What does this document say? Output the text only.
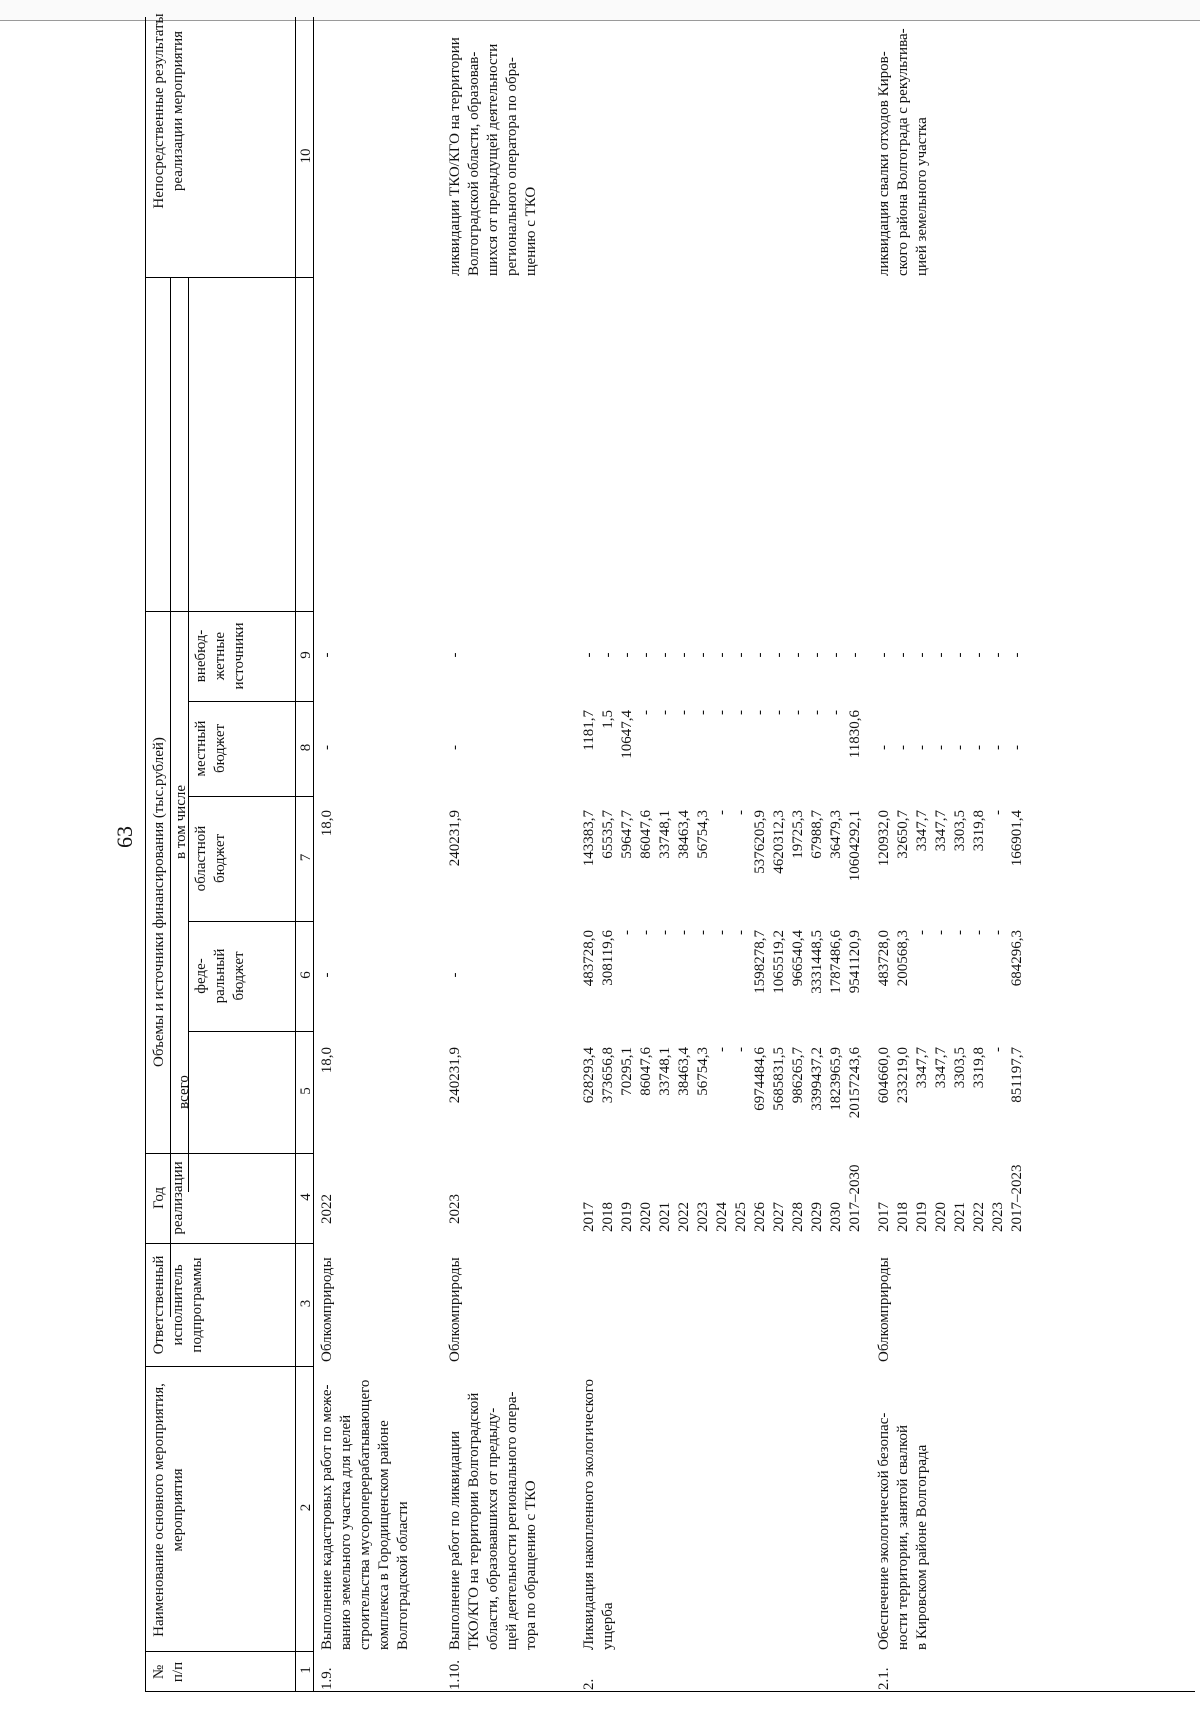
63
№
п/п
Наименование основного мероприятия,
мероприятия
Ответственный
исполнитель
подпрограммы
Год
реализации
Объемы и источники финансирования (тыс.рублей)
всего
в том числе
феде-
ральный
бюджет
областной
бюджет
местный
бюджет
внебюд-
жетные
источники
Непосредственные результаты
реализации мероприятия
1
2
3
4
5
6
7
8
9
10
1.9.
Выполнение кадастровых работ по меже-
ванию земельного участка для целей
строительства мусороперерабатывающего
комплекса в Городищенском районе
Волгоградской области
Облкомприроды
2022
18,0
-
18,0
-
-
1.10.
Выполнение работ по ликвидации
ТКО/КГО на территории Волгоградской
области, образовавшихся от предыду-
щей деятельности регионального опера-
тора по обращению с ТКО
Облкомприроды
2023
240231,9
-
240231,9
-
-
ликвидации ТКО/КГО на территории
Волгоградской области, образовав-
шихся от предыдущей деятельности
регионального оператора по обра-
щению с ТКО
2.
Ликвидация накопленного экологического
ущерба
2017
2018
2019
2020
2021
2022
2023
2024
2025
2026
2027
2028
2029
2030
2017–2030
628293,4
373656,8
70295,1
86047,6
33748,1
38463,4
56754,3
-
-
6974484,6
5685831,5
986265,7
3399437,2
1823965,9
20157243,6
483728,0
308119,6
-
-
-
-
-
-
-
1598278,7
1065519,2
966540,4
3331448,5
1787486,6
9541120,9
143383,7
65535,7
59647,7
86047,6
33748,1
38463,4
56754,3
-
-
5376205,9
4620312,3
19725,3
67988,7
36479,3
10604292,1
1181,7
1,5
10647,4
-
-
-
-
-
-
-
-
-
-
-
11830,6
-
-
-
-
-
-
-
-
-
-
-
-
-
-
-
2.1.
Обеспечение экологической безопас-
ности территории, занятой свалкой
в Кировском районе Волгограда
Облкомприроды
2017
2018
2019
2020
2021
2022
2023
2017–2023
604660,0
233219,0
3347,7
3347,7
3303,5
3319,8
-
851197,7
483728,0
200568,3
-
-
-
-
-
684296,3
120932,0
32650,7
3347,7
3347,7
3303,5
3319,8
-
166901,4
-
-
-
-
-
-
-
-
-
-
-
-
-
-
-
-
ликвидация свалки отходов Киров-
ского района Волгограда с рекультива-
цией земельного участка
